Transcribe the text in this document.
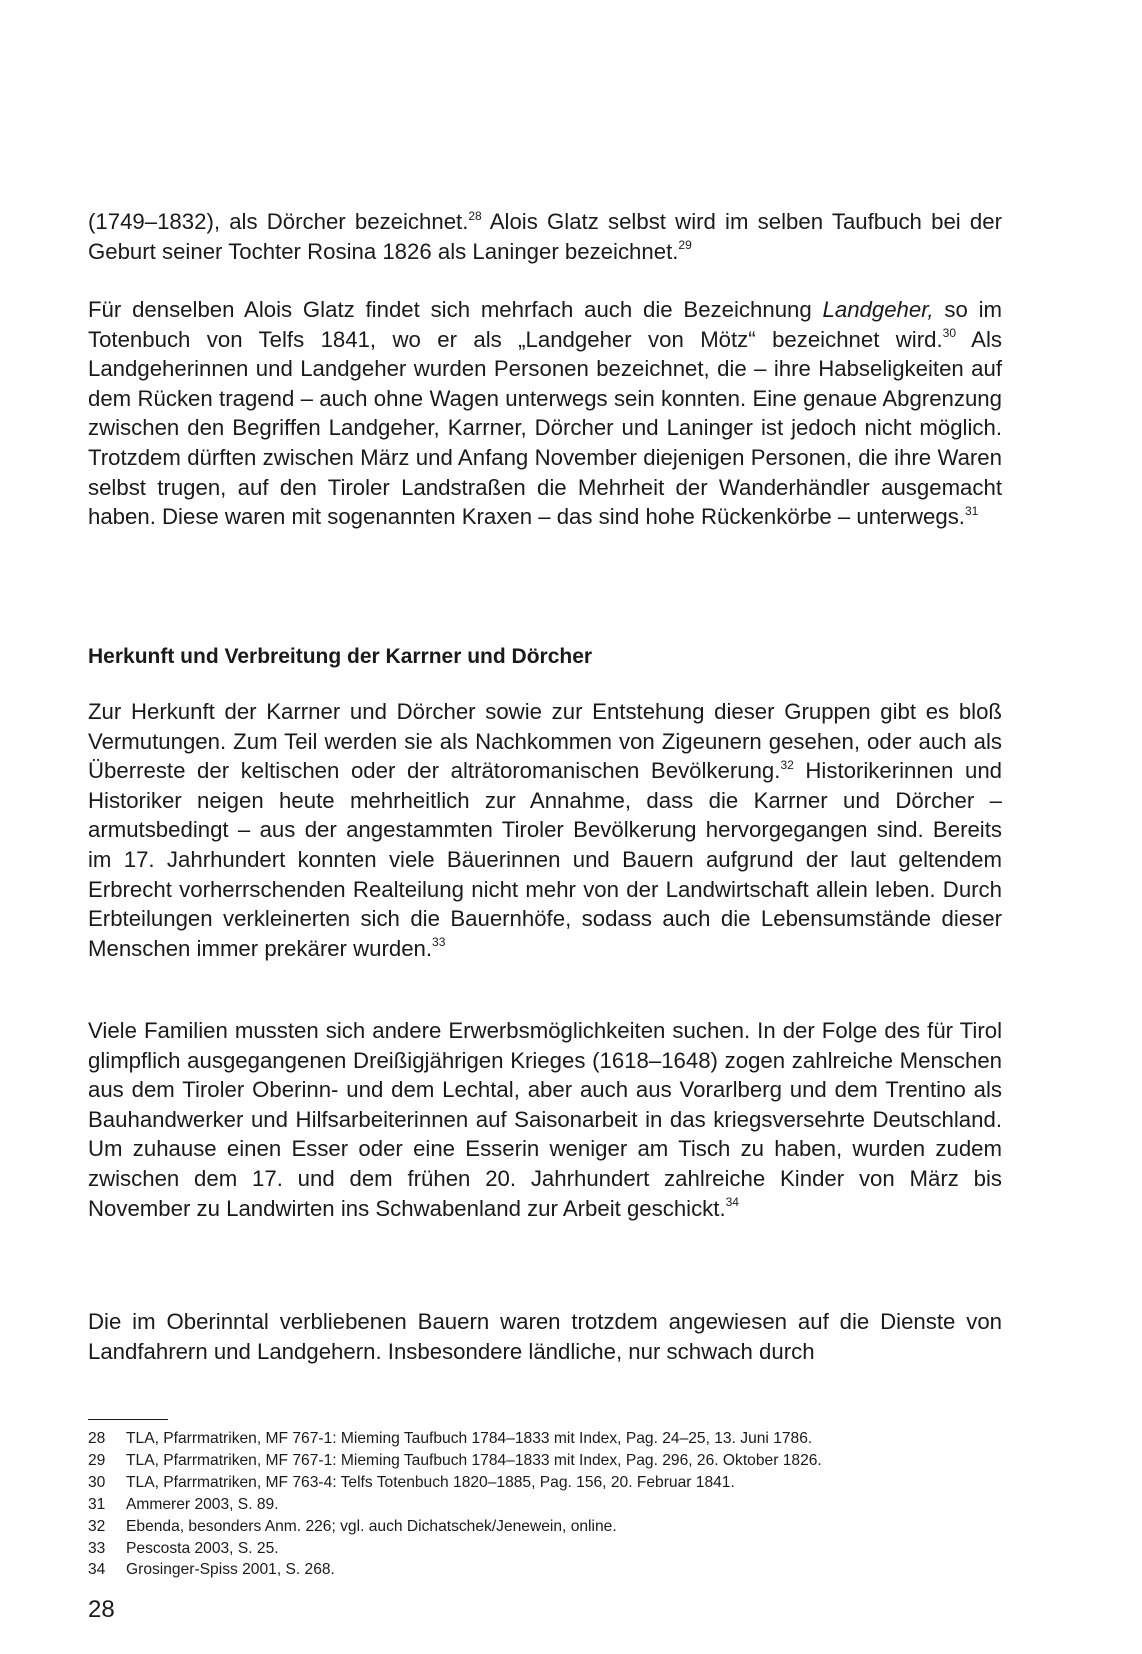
(1749–1832), als Dörcher bezeichnet.$^{28}$ Alois Glatz selbst wird im selben Taufbuch bei der Geburt seiner Tochter Rosina 1826 als Laninger bezeichnet.$^{29}$

Für denselben Alois Glatz findet sich mehrfach auch die Bezeichnung Landgeher, so im Totenbuch von Telfs 1841, wo er als „Landgeher von Mötz“ bezeichnet wird.$^{30}$ Als Landgeherinnen und Landgeher wurden Personen bezeichnet, die – ihre Habseligkeiten auf dem Rücken tragend – auch ohne Wagen unterwegs sein konnten. Eine genaue Abgrenzung zwischen den Begriffen Landgeher, Karrner, Dörcher und Laninger ist jedoch nicht möglich. Trotzdem dürften zwischen März und Anfang November diejenigen Personen, die ihre Waren selbst trugen, auf den Tiroler Landstraßen die Mehrheit der Wanderhändler ausgemacht haben. Diese waren mit sogenannten Kraxen – das sind hohe Rückenkörbe – unterwegs.$^{31}$

Herkunft und Verbreitung der Karrner und Dörcher

Zur Herkunft der Karrner und Dörcher sowie zur Entstehung dieser Gruppen gibt es bloß Vermutungen. Zum Teil werden sie als Nachkommen von Zigeunern gesehen, oder auch als Überreste der keltischen oder der alträtoromanischen Bevölkerung.$^{32}$ Historikerinnen und Historiker neigen heute mehrheitlich zur Annahme, dass die Karrner und Dörcher – armutsbedingt – aus der angestammten Tiroler Bevölkerung hervorgegangen sind. Bereits im 17. Jahrhundert konnten viele Bäuerinnen und Bauern aufgrund der laut geltendem Erbrecht vorherrschenden Realteilung nicht mehr von der Landwirtschaft allein leben. Durch Erbteilungen verkleinerten sich die Bauernhöfe, sodass auch die Lebensumstände dieser Menschen immer prekärer wurden.$^{33}$

Viele Familien mussten sich andere Erwerbsmöglichkeiten suchen. In der Folge des für Tirol glimpflich ausgegangenen Dreißigjährigen Krieges (1618–1648) zogen zahlreiche Menschen aus dem Tiroler Oberinn- und dem Lechtal, aber auch aus Vorarlberg und dem Trentino als Bauhandwerker und Hilfsarbeiterinnen auf Saisonarbeit in das kriegsversehrte Deutschland. Um zuhause einen Esser oder eine Esserin weniger am Tisch zu haben, wurden zudem zwischen dem 17. und dem frühen 20. Jahrhundert zahlreiche Kinder von März bis November zu Landwirten ins Schwabenland zur Arbeit geschickt.$^{34}$

Die im Oberinntal verbliebenen Bauern waren trotzdem angewiesen auf die Dienste von Landfahrern und Landgehern. Insbesondere ländliche, nur schwach durch

28	TLA, Pfarrmatriken, MF 767-1: Mieming Taufbuch 1784–1833 mit Index, Pag. 24–25, 13. Juni 1786.
29	TLA, Pfarrmatriken, MF 767-1: Mieming Taufbuch 1784–1833 mit Index, Pag. 296, 26. Oktober 1826.
30	TLA, Pfarrmatriken, MF 763-4: Telfs Totenbuch 1820–1885, Pag. 156, 20. Februar 1841.
31	Ammerer 2003, S. 89.
32	Ebenda, besonders Anm. 226; vgl. auch Dichatschek/Jenewein, online.
33	Pescosta 2003, S. 25.
34	Grosinger-Spiss 2001, S. 268.
28
